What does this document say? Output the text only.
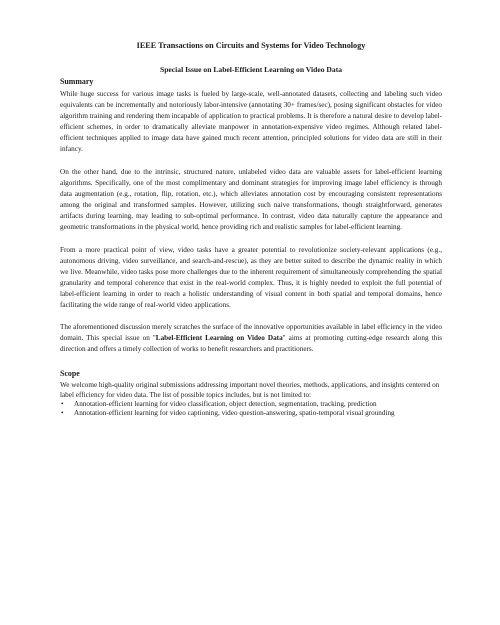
IEEE Transactions on Circuits and Systems for Video Technology
Special Issue on Label-Efficient Learning on Video Data
Summary

While huge success for various image tasks is fueled by large-scale, well-annotated datasets, collecting and labeling such video equivalents can be incrementally and notoriously labor-intensive (annotating 30+ frames/sec), posing significant obstacles for video algorithm training and rendering them incapable of application to practical problems. It is therefore a natural desire to develop label-efficient schemes, in order to dramatically alleviate manpower in annotation-expensive video regimes. Although related label-efficient techniques applied to image data have gained much recent attention, principled solutions for video data are still in their infancy.

On the other hand, due to the intrinsic, structured nature, unlabeled video data are valuable assets for label-efficient learning algorithms. Specifically, one of the most complimentary and dominant strategies for improving image label efficiency is through data augmentation (e.g., rotation, flip, rotation, etc.), which alleviates annotation cost by encouraging consistent representations among the original and transformed samples. However, utilizing such naive transformations, though straightforward, generates artifacts during learning, may leading to sub-optimal performance. In contrast, video data naturally capture the appearance and geometric transformations in the physical world, hence providing rich and realistic samples for label-efficient learning.

From a more practical point of view, video tasks have a greater potential to revolutionize society-relevant applications (e.g., autonomous driving, video surveillance, and search-and-rescue), as they are better suited to describe the dynamic reality in which we live. Meanwhile, video tasks pose more challenges due to the inherent requirement of simultaneously comprehending the spatial granularity and temporal coherence that exist in the real-world complex. Thus, it is highly needed to exploit the full potential of label-efficient learning in order to reach a holistic understanding of visual content in both spatial and temporal domains, hence facilitating the wide range of real-world video applications.

The aforementioned discussion merely scratches the surface of the innovative opportunities available in label efficiency in the video domain. This special issue on "Label-Efficient Learning on Video Data" aims at promoting cutting-edge research along this direction and offers a timely collection of works to benefit researchers and practitioners.

Scope

We welcome high-quality original submissions addressing important novel theories, methods, applications, and insights centered on label efficiency for video data. The list of possible topics includes, but is not limited to:

• Annotation-efficient learning for video classification, object detection, segmentation, tracking, prediction
• Annotation-efficient learning for video captioning, video question-answering, spatio-temporal visual grounding
